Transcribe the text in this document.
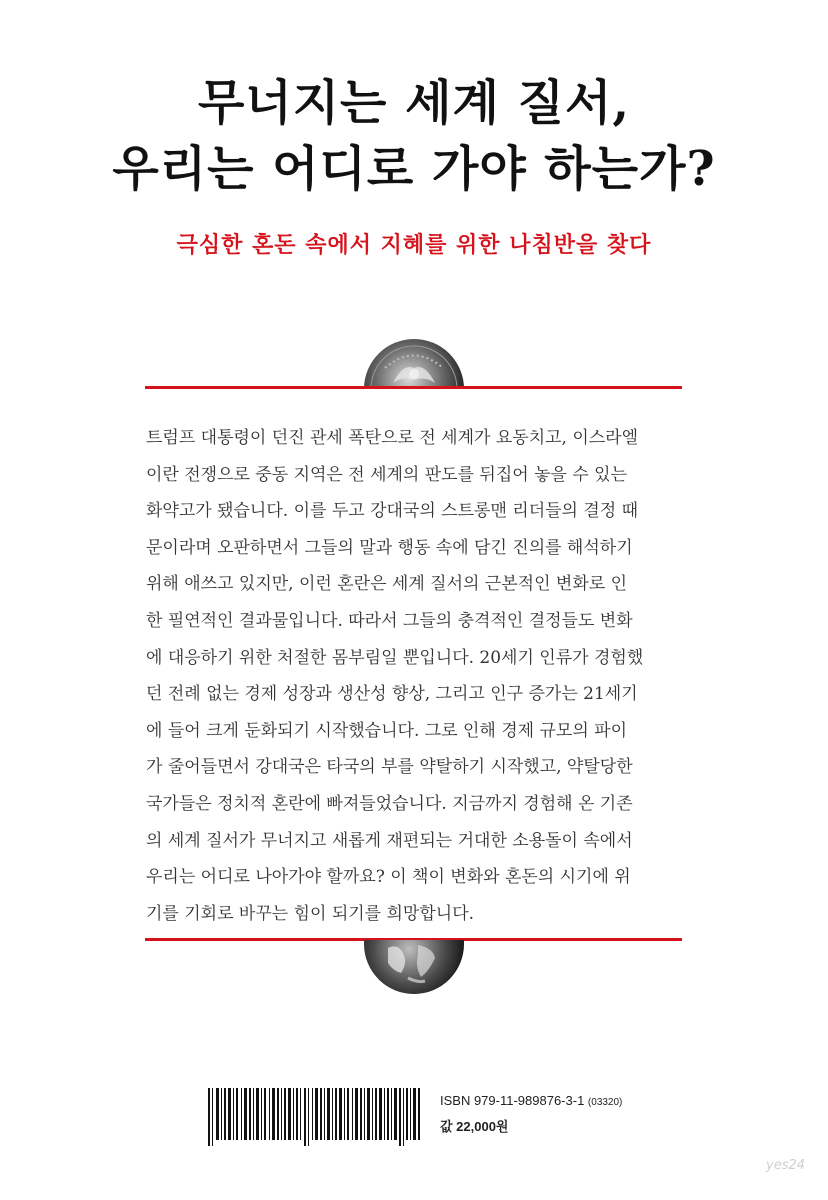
무너지는 세계 질서,
우리는 어디로 가야 하는가?
극심한 혼돈 속에서 지혜를 위한 나침반을 찾다
트럼프 대통령이 던진 관세 폭탄으로 전 세계가 요동치고, 이스라엘
이란 전쟁으로 중동 지역은 전 세계의 판도를 뒤집어 놓을 수 있는
화약고가 됐습니다. 이를 두고 강대국의 스트롱맨 리더들의 결정 때
문이라며 오판하면서 그들의 말과 행동 속에 담긴 진의를 해석하기
위해 애쓰고 있지만, 이런 혼란은 세계 질서의 근본적인 변화로 인
한 필연적인 결과물입니다. 따라서 그들의 충격적인 결정들도 변화
에 대응하기 위한 처절한 몸부림일 뿐입니다. 20세기 인류가 경험했
던 전례 없는 경제 성장과 생산성 향상, 그리고 인구 증가는 21세기
에 들어 크게 둔화되기 시작했습니다. 그로 인해 경제 규모의 파이
가 줄어들면서 강대국은 타국의 부를 약탈하기 시작했고, 약탈당한
국가들은 정치적 혼란에 빠져들었습니다. 지금까지 경험해 온 기존
의 세계 질서가 무너지고 새롭게 재편되는 거대한 소용돌이 속에서
우리는 어디로 나아가야 할까요? 이 책이 변화와 혼돈의 시기에 위
기를 기회로 바꾸는 힘이 되기를 희망합니다.
ISBN 979-11-989876-3-1 (03320)
값 22,000원
yes24
